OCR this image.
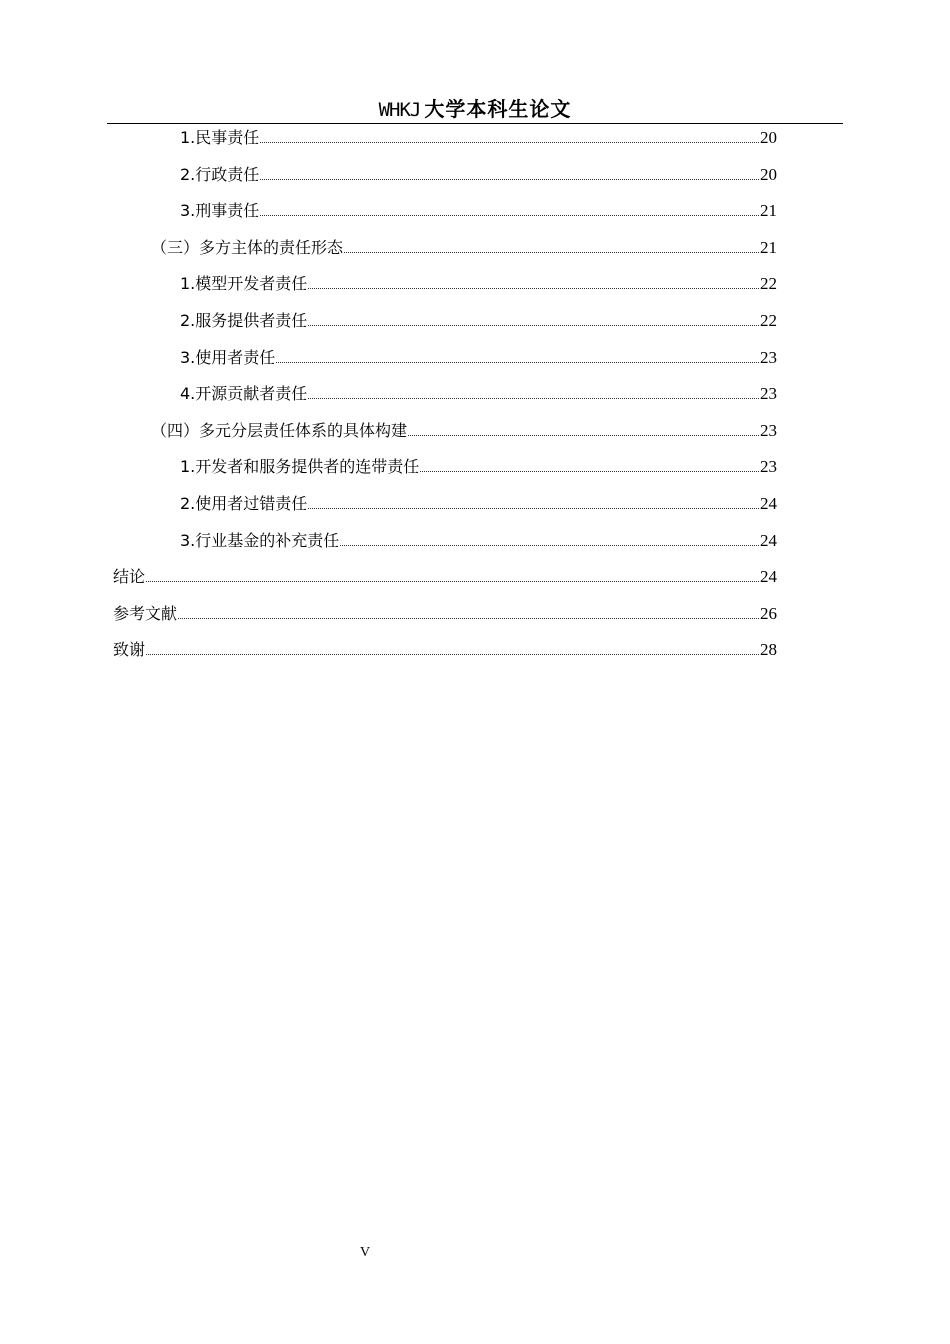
WHKJ 大学本科生论文
1.民事责任	20
2.行政责任	20
3.刑事责任	21
（三）多方主体的责任形态	21
1.模型开发者责任	22
2.服务提供者责任	22
3.使用者责任	23
4.开源贡献者责任	23
（四）多元分层责任体系的具体构建	23
1.开发者和服务提供者的连带责任	23
2.使用者过错责任	24
3.行业基金的补充责任	24
结论	24
参考文献	26
致谢	28
V
